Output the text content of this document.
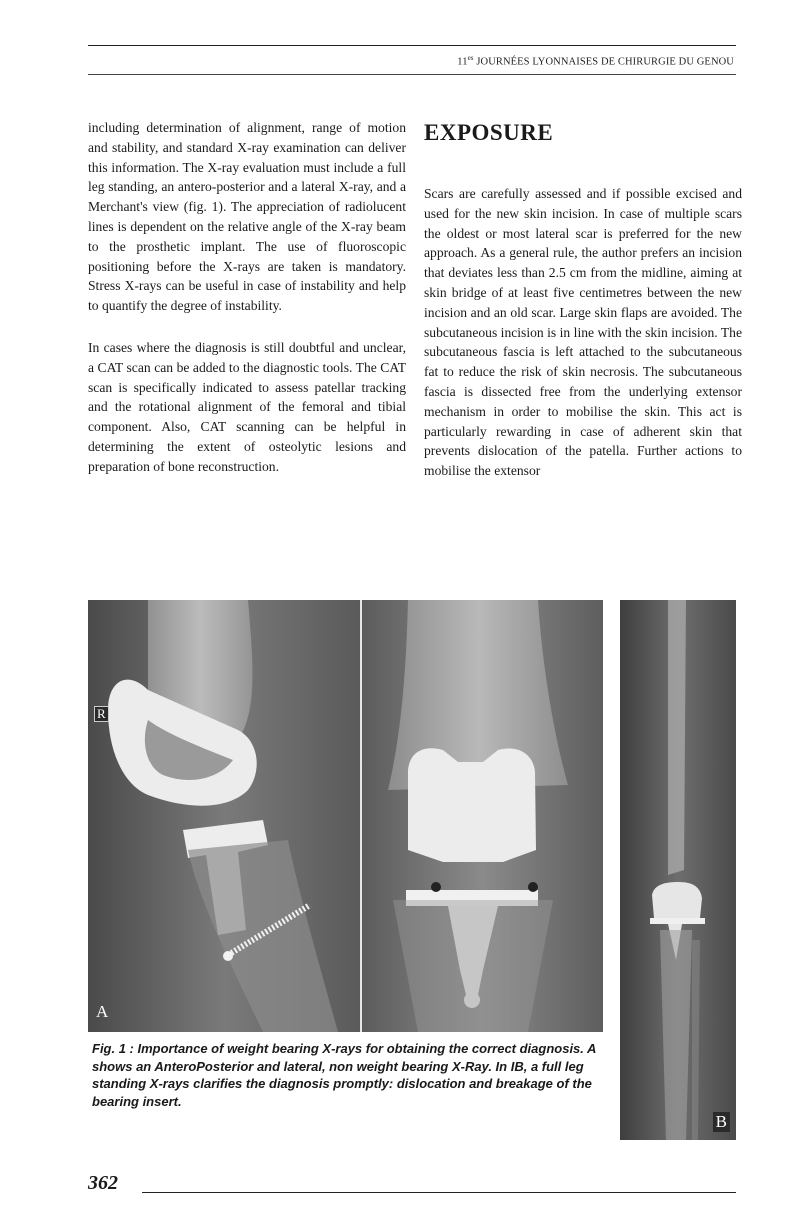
$11^{es}$ JOURNÉES LYONNAISES DE CHIRURGIE DU GENOU

including determination of alignment, range of motion and stability, and standard X-ray examination can deliver this information. The X-ray evaluation must include a full leg standing, an antero-posterior and a lateral X-ray, and a Merchant's view (fig. 1). The appreciation of radiolucent lines is dependent on the relative angle of the X-ray beam to the prosthetic implant. The use of fluoroscopic positioning before the X-rays are taken is mandatory. Stress X-rays can be useful in case of instability and help to quantify the degree of instability.

In cases where the diagnosis is still doubtful and unclear, a CAT scan can be added to the diagnostic tools. The CAT scan is specifically indicated to assess patellar tracking and the rotational alignment of the femoral and tibial component. Also, CAT scanning can be helpful in determining the extent of osteolytic lesions and preparation of bone reconstruction.

EXPOSURE

Scars are carefully assessed and if possible excised and used for the new skin incision. In case of multiple scars the oldest or most lateral scar is preferred for the new approach. As a general rule, the author prefers an incision that deviates less than 2.5 cm from the midline, aiming at skin bridge of at least five centimetres between the new incision and an old scar. Large skin flaps are avoided. The subcutaneous incision is in line with the skin incision. The subcutaneous fascia is left attached to the subcutaneous fat to reduce the risk of skin necrosis. The subcutaneous fascia is dissected free from the underlying extensor mechanism in order to mobilise the skin. This act is particularly rewarding in case of adherent skin that prevents dislocation of the patella. Further actions to mobilise the extensor

R
A
B
Fig. 1 : Importance of weight bearing X-rays for obtaining the correct diagnosis. A shows an AnteroPosterior and lateral, non weight bearing X-Ray. In IB, a full leg standing X-rays clarifies the diagnosis promptly: dislocation and breakage of the bearing insert.
362
